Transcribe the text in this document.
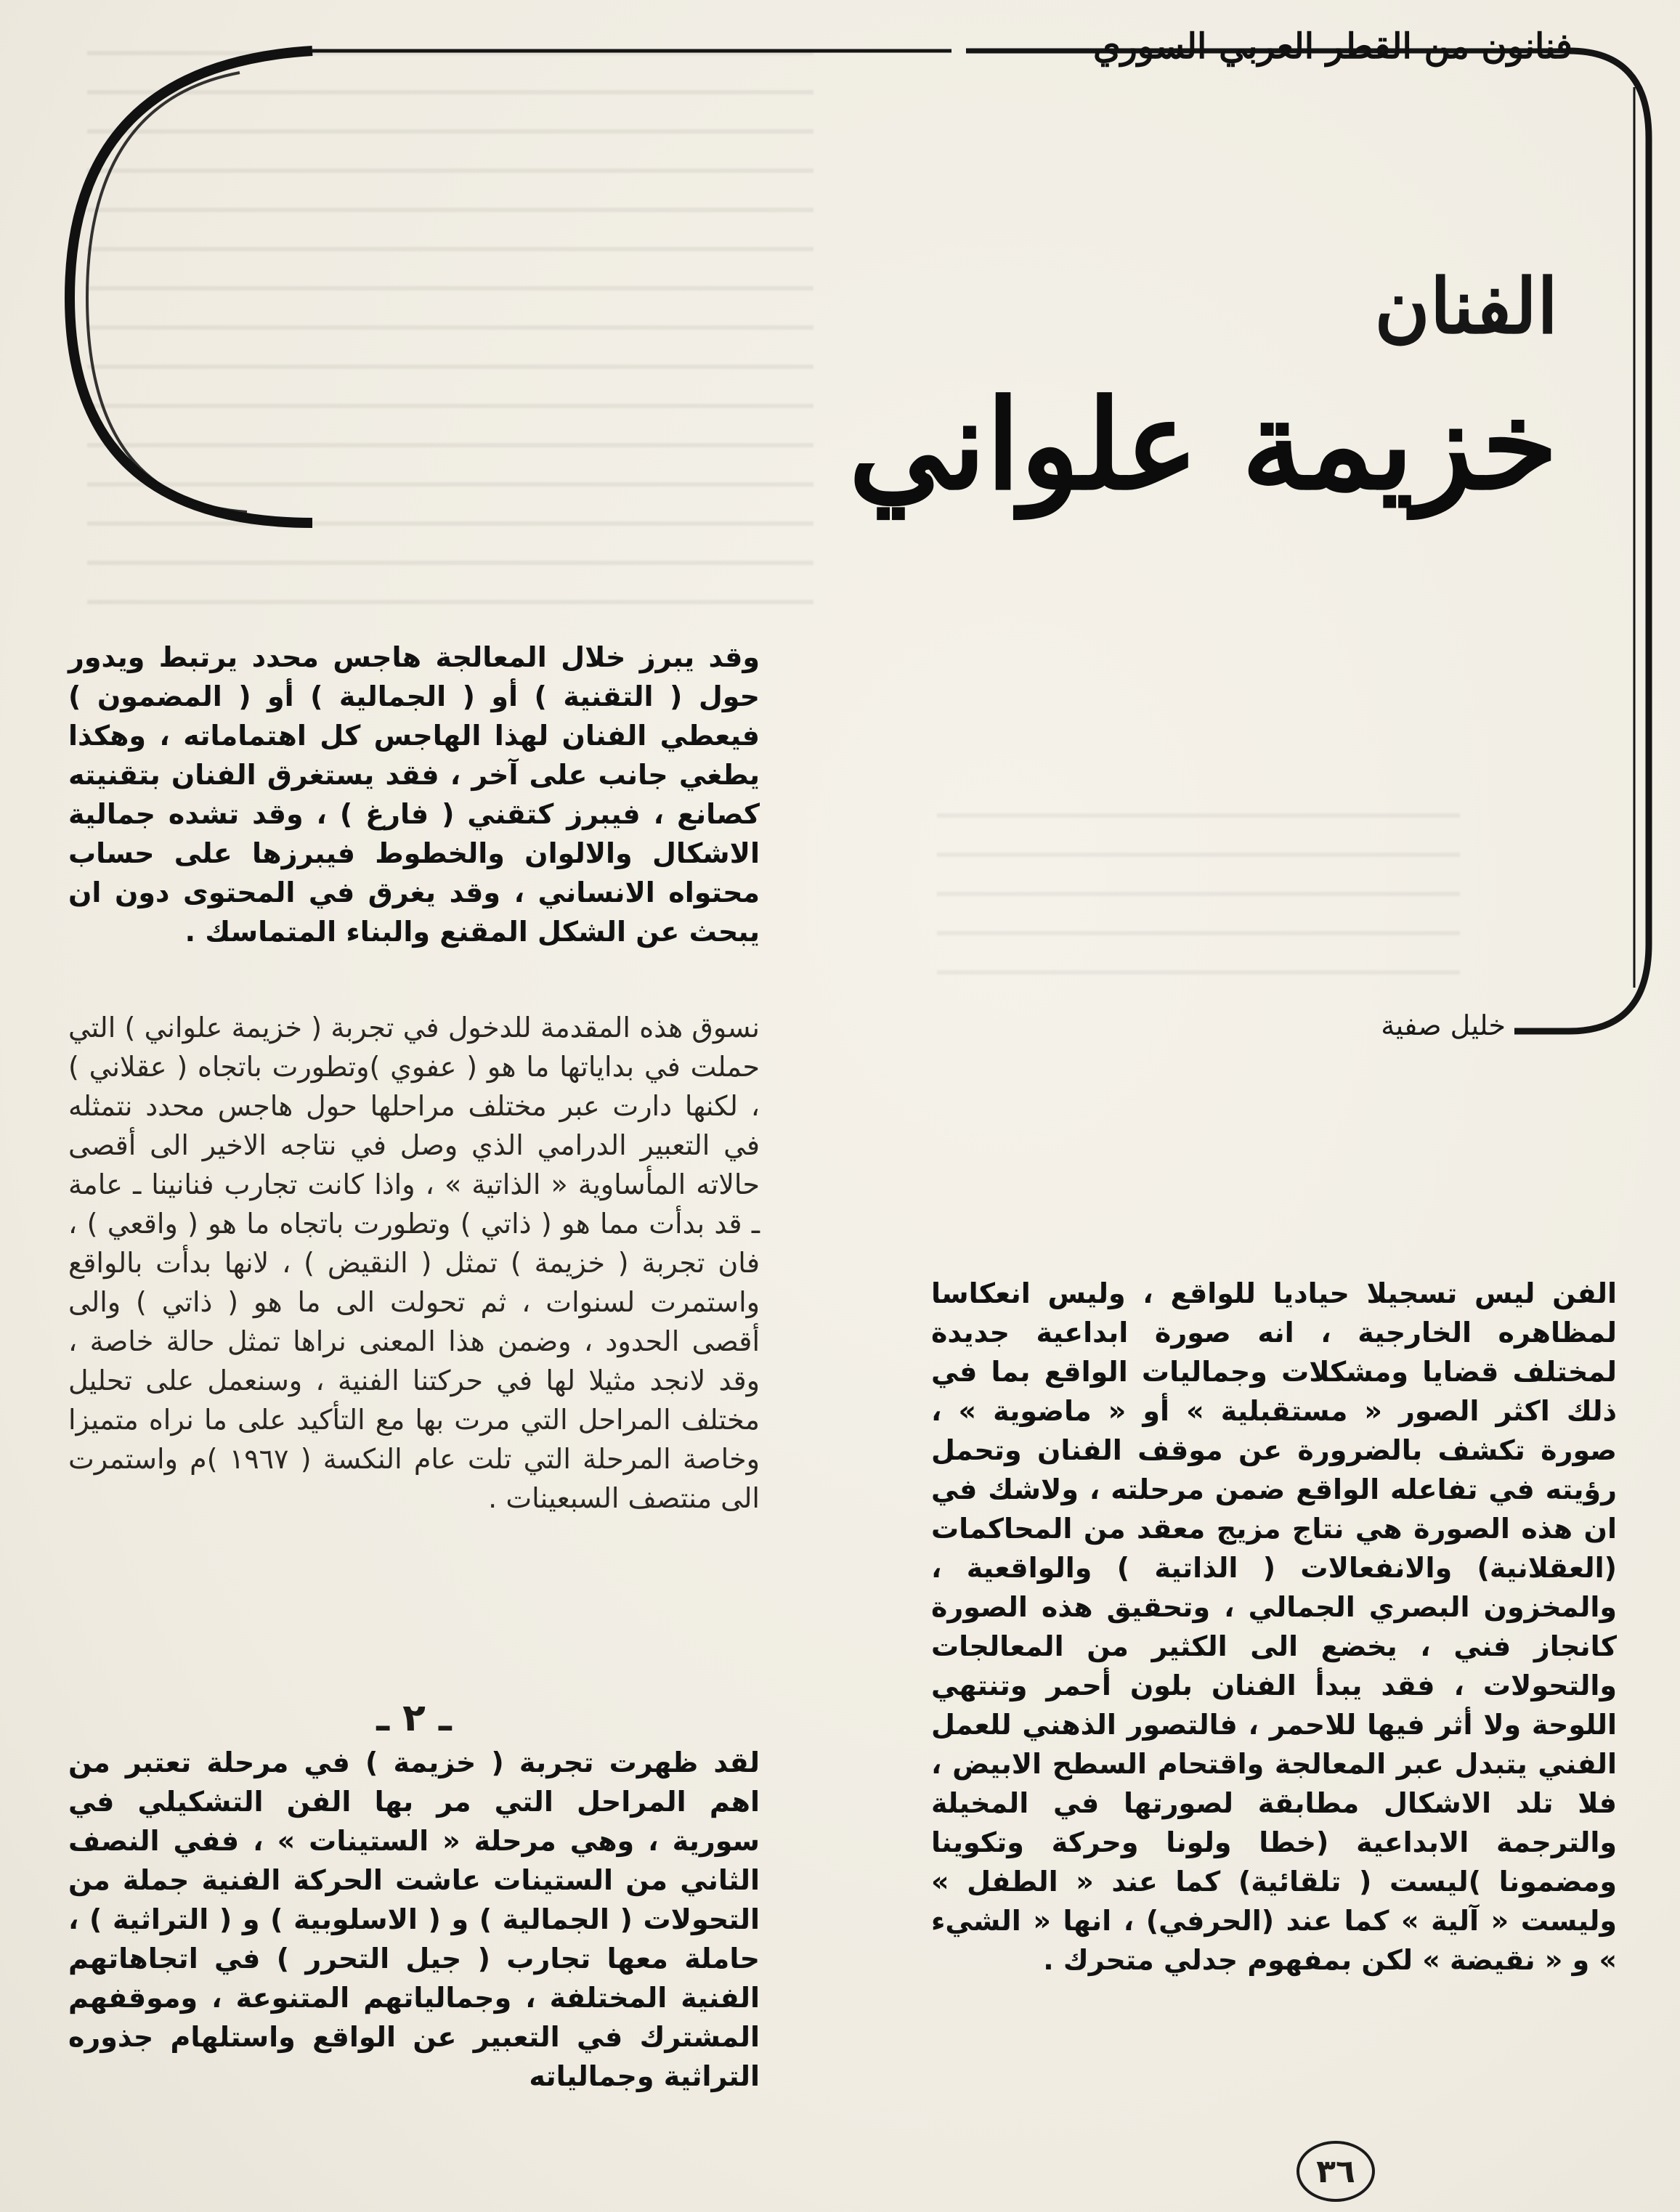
فنانون من القطر العربي السوري
الفنان
خزيمة علواني
خليل صفية

وقد يبرز خلال المعالجة هاجس محدد يرتبط ويدور حول ( التقنية ) أو ( الجمالية ) أو ( المضمون ) فيعطي الفنان لهذا الهاجس كل اهتماماته ، وهكذا يطغي جانب على آخر ، فقد يستغرق الفنان بتقنيته كصانع ، فيبرز كتقني ( فارغ ) ، وقد تشده جمالية الاشكال والالوان والخطوط فيبرزها على حساب محتواه الانساني ، وقد يغرق في المحتوى دون ان يبحث عن الشكل المقنع والبناء المتماسك .

نسوق هذه المقدمة للدخول في تجربة ( خزيمة علواني ) التي حملت في بداياتها ما هو ( عفوي )وتطورت باتجاه ( عقلاني ) ، لكنها دارت عبر مختلف مراحلها حول هاجس محدد نتمثله في التعبير الدرامي الذي وصل في نتاجه الاخير الى أقصى حالاته المأساوية « الذاتية » ، واذا كانت تجارب فنانينا ـ عامة ـ قد بدأت مما هو ( ذاتي ) وتطورت باتجاه ما هو ( واقعي ) ، فان تجربة ( خزيمة ) تمثل ( النقيض ) ، لانها بدأت بالواقع واستمرت لسنوات ، ثم تحولت الى ما هو ( ذاتي ) والى أقصى الحدود ، وضمن هذا المعنى نراها تمثل حالة خاصة ، وقد لانجد مثيلا لها في حركتنا الفنية ، وسنعمل على تحليل مختلف المراحل التي مرت بها مع التأكيد على ما نراه متميزا وخاصة المرحلة التي تلت عام النكسة ( ١٩٦٧ )م واستمرت الى منتصف السبعينات .

ـ ٢ ـ

لقد ظهرت تجربة ( خزيمة ) في مرحلة تعتبر من اهم المراحل التي مر بها الفن التشكيلي في سورية ، وهي مرحلة « الستينات » ، ففي النصف الثاني من الستينات عاشت الحركة الفنية جملة من التحولات ( الجمالية ) و ( الاسلوبية ) و ( التراثية ) ، حاملة معها تجارب ( جيل التحرر ) في اتجاهاتهم الفنية المختلفة ، وجمالياتهم المتنوعة ، وموقفهم المشترك في التعبير عن الواقع واستلهام جذوره التراثية وجمالياته

الفن ليس تسجيلا حياديا للواقع ، وليس انعكاسا لمظاهره الخارجية ، انه صورة ابداعية جديدة لمختلف قضايا ومشكلات وجماليات الواقع بما في ذلك اكثر الصور « مستقبلية » أو « ماضوية » ، صورة تكشف بالضرورة عن موقف الفنان وتحمل رؤيته في تفاعله الواقع ضمن مرحلته ، ولاشك في ان هذه الصورة هي نتاج مزيج معقد من المحاكمات (العقلانية) والانفعالات ( الذاتية ) والواقعية ، والمخزون البصري الجمالي ، وتحقيق هذه الصورة كانجاز فني ، يخضع الى الكثير من المعالجات والتحولات ، فقد يبدأ الفنان بلون أحمر وتنتهي اللوحة ولا أثر فيها للاحمر ، فالتصور الذهني للعمل الفني يتبدل عبر المعالجة واقتحام السطح الابيض ، فلا تلد الاشكال مطابقة لصورتها في المخيلة والترجمة الابداعية (خطا ولونا وحركة وتكوينا ومضمونا )ليست ( تلقائية) كما عند « الطفل » وليست « آلية » كما عند (الحرفي) ، انها « الشيء » و « نقيضة » لكن بمفهوم جدلي متحرك .

٣٦
